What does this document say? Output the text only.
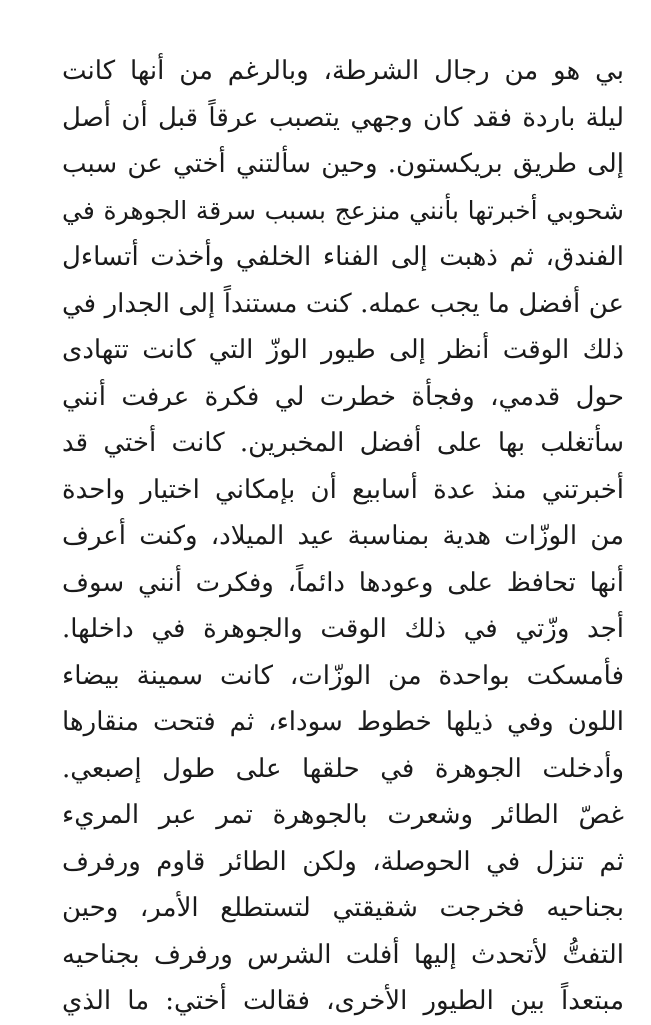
بي هو من رجال الشرطة، وبالرغم من أنها كانت
ليلة باردة فقد كان وجهي يتصبب عرقاً قبل أن أصل
إلى طريق بريكستون. وحين سألتني أختي عن سبب
شحوبي أخبرتها بأنني منزعج بسبب سرقة الجوهرة في
الفندق، ثم ذهبت إلى الفناء الخلفي وأخذت أتساءل
عن أفضل ما يجب عمله. كنت مستنداً إلى الجدار في
ذلك الوقت أنظر إلى طيور الوزّ التي كانت تتهادى
حول قدمي، وفجأة خطرت لي فكرة عرفت أنني
سأتغلب بها على أفضل المخبرين. كانت أختي قد
أخبرتني منذ عدة أسابيع أن بإمكاني اختيار واحدة
من الوزّات هدية بمناسبة عيد الميلاد، وكنت أعرف
أنها تحافظ على وعودها دائماً، وفكرت أنني سوف
أجد وزّتي في ذلك الوقت والجوهرة في داخلها.
فأمسكت بواحدة من الوزّات، كانت سمينة بيضاء
اللون وفي ذيلها خطوط سوداء، ثم فتحت منقارها
وأدخلت الجوهرة في حلقها على طول إصبعي.
غصّ الطائر وشعرت بالجوهرة تمر عبر المريء
ثم تنزل في الحوصلة، ولكن الطائر قاوم ورفرف
بجناحيه فخرجت شقيقتي لتستطلع الأمر، وحين
التفتُّ لأتحدث إليها أفلت الشرس ورفرف بجناحيه
مبتعداً بين الطيور الأخرى، فقالت أختي: ما الذي
